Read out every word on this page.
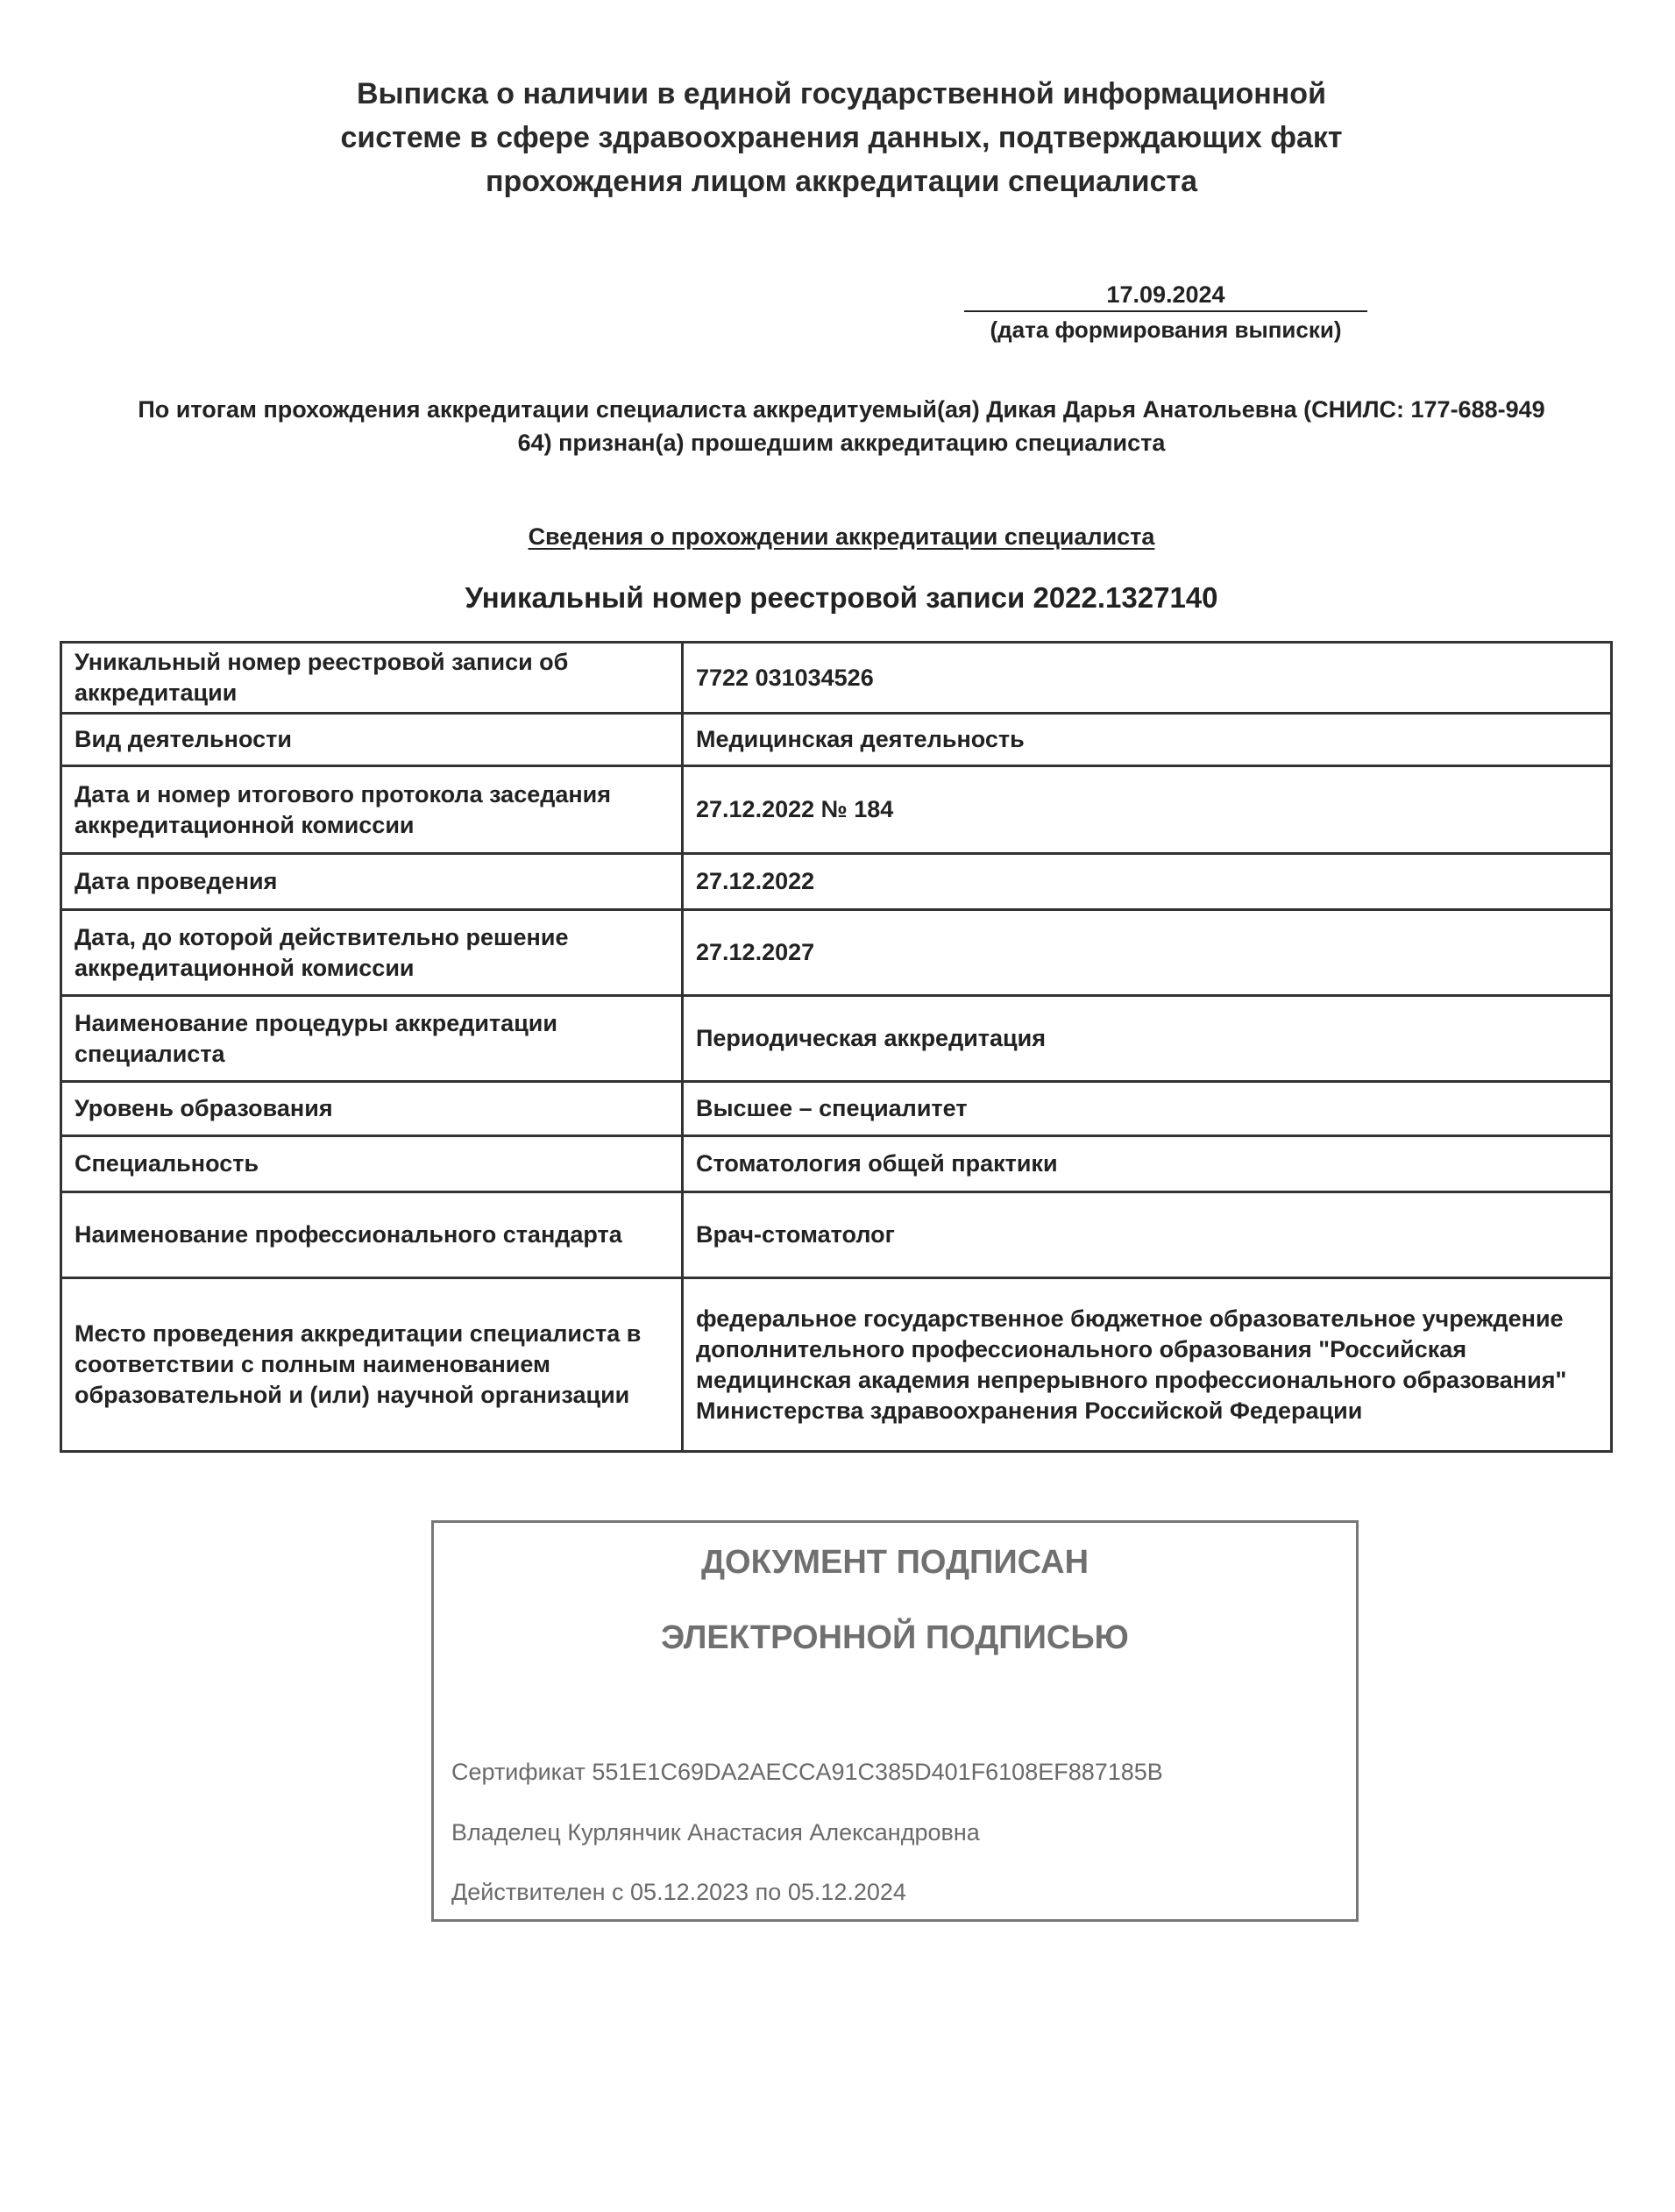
Выписка о наличии в единой государственной информационной
системе в сфере здравоохранения данных, подтверждающих факт
прохождения лицом аккредитации специалиста
17.09.2024
(дата формирования выписки)
По итогам прохождения аккредитации специалиста аккредитуемый(ая) Дикая Дарья Анатольевна (СНИЛС: 177-688-949
64) признан(а) прошедшим аккредитацию специалиста
Сведения о прохождении аккредитации специалиста
Уникальный номер реестровой записи 2022.1327140
Уникальный номер реестровой записи об аккредитации	7722 031034526
Вид деятельности	Медицинская деятельность
Дата и номер итогового протокола заседания аккредитационной комиссии	27.12.2022 № 184
Дата проведения	27.12.2022
Дата, до которой действительно решение аккредитационной комиссии	27.12.2027
Наименование процедуры аккредитации специалиста	Периодическая аккредитация
Уровень образования	Высшее – специалитет
Специальность	Стоматология общей практики
Наименование профессионального стандарта	Врач-стоматолог
Место проведения аккредитации специалиста в соответствии с полным наименованием образовательной и (или) научной организации	федеральное государственное бюджетное образовательное учреждение дополнительного профессионального образования "Российская медицинская академия непрерывного профессионального образования" Министерства здравоохранения Российской Федерации
ДОКУМЕНТ ПОДПИСАН
ЭЛЕКТРОННОЙ ПОДПИСЬЮ
Сертификат 551E1C69DA2AECCA91C385D401F6108EF887185B
Владелец Курлянчик Анастасия Александровна
Действителен с 05.12.2023 по 05.12.2024
